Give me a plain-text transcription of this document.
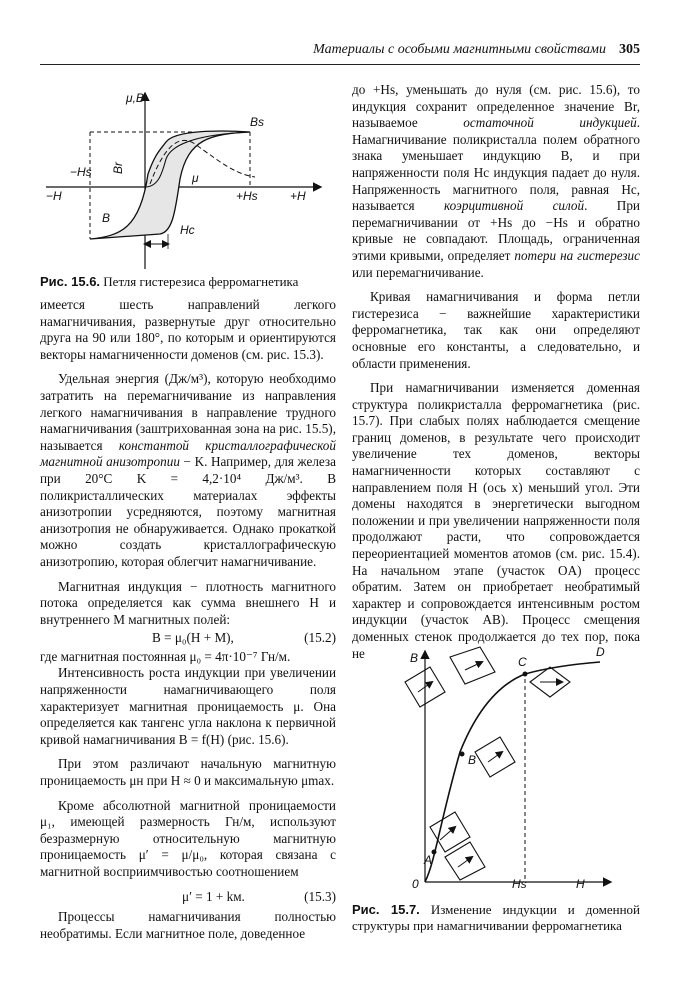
Материалы с особыми магнитными свойствами 305
μ,B
Bs
Br
−Hs
−H
μ
+Hs	+H
B
Hc
Рис. 15.6. Петля гистерезиса ферромагнетика

имеется шесть направлений легкого намагничивания, развернутые друг относительно друга на 90 или 180°, по которым и ориентируются векторы намагниченности доменов (см. рис. 15.3).

Удельная энергия (Дж/м³), которую необходимо затратить на перемагничивание из направления легкого намагничивания в направление трудного намагничивания (заштрихованная зона на рис. 15.5), называется константой кристаллографической магнитной анизотропии − K. Например, для железа при 20°C K = 4,2·10⁴ Дж/м³. В поликристаллических материалах эффекты анизотропии усредняются, поэтому магнитная анизотропия не обнаруживается. Однако прокаткой можно создать кристаллографическую анизотропию, которая облегчит намагничивание.

Магнитная индукция − плотность магнитного потока определяется как сумма внешнего H и внутреннего M магнитных полей:

B = μ₀(H + M),	(15.2)

где магнитная постоянная μ₀ = 4π·10⁻⁷ Гн/м.

Интенсивность роста индукции при увеличении напряженности намагничивающего поля характеризует магнитная проницаемость μ. Она определяется как тангенс угла наклона к первичной кривой намагничивания B = f(H) (рис. 15.6).

При этом различают начальную магнитную проницаемость μн при H ≈ 0 и максимальную μmax.

Кроме абсолютной магнитной проницаемости μ₁, имеющей размерность Гн/м, используют безразмерную относительную магнитную проницаемость μ′ = μ/μ₀, которая связана с магнитной восприимчивостью соотношением

μ′ = 1 + kм.	(15.3)

Процессы намагничивания полностью необратимы. Если магнитное поле, доведенное

до +Hs, уменьшать до нуля (см. рис. 15.6), то индукция сохранит определенное значение Br, называемое остаточной индукцией. Намагничивание поликристалла полем обратного знака уменьшает индукцию B, и при напряженности поля Hc индукция падает до нуля. Напряженность магнитного поля, равная Hc, называется коэрцитивной силой. При перемагничивании от +Hs до −Hs и обратно кривые не совпадают. Площадь, ограниченная этими кривыми, определяет потери на гистерезис или перемагничивание.

Кривая намагничивания и форма петли гистерезиса − важнейшие характеристики ферромагнетика, так как они определяют основные его константы, а следовательно, и области применения.

При намагничивании изменяется доменная структура поликристалла ферромагнетика (рис. 15.7). При слабых полях наблюдается смещение границ доменов, в результате чего происходит увеличение тех доменов, векторы намагниченности которых составляют с направлением поля H (ось x) меньший угол. Эти домены находятся в энергетически выгодном положении и при увеличении напряженности поля продолжают расти, что сопровождается переориентацией моментов атомов (см. рис. 15.4). На начальном этапе (участок OA) процесс обратим. Затем он приобретает необратимый характер и сопровождается интенсивным ростом индукции (участок AB). Процесс смещения доменных стенок продолжается до тех пор, пока не	B
H
0
A
B
C
D
Hs
Рис. 15.7. Изменение индукции и доменной структуры при намагничивании ферромагнетика
